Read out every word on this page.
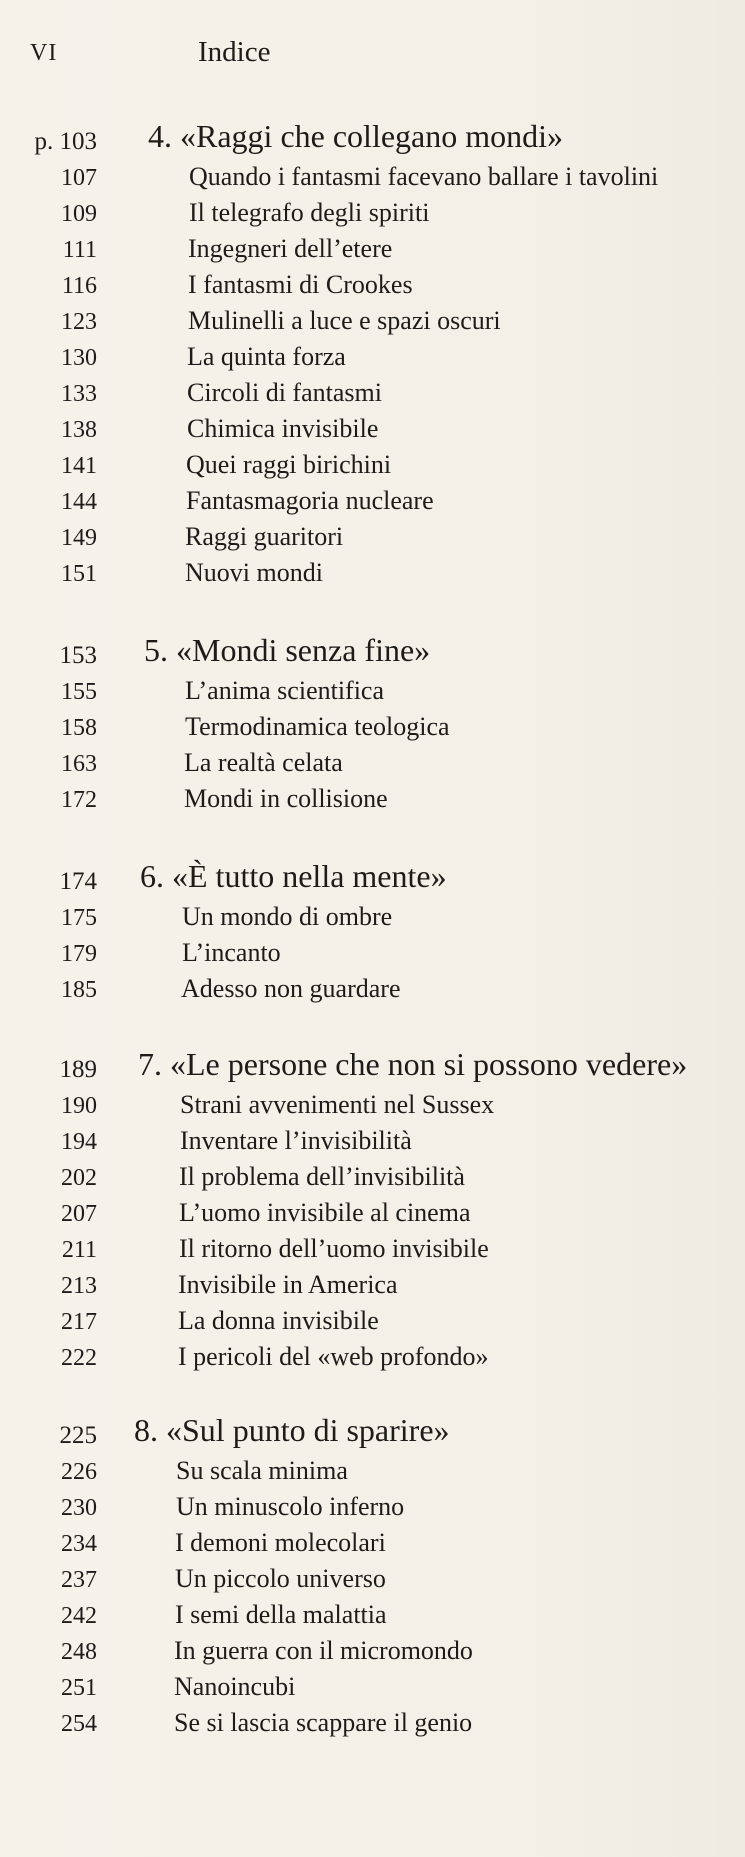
VI	Indice
p. 103 4. «Raggi che collegano mondi»
107	Quando i fantasmi facevano ballare i tavolini
109	Il telegrafo degli spiriti
111	Ingegneri dell’etere
116	I fantasmi di Crookes
123	Mulinelli a luce e spazi oscuri
130	La quinta forza
133	Circoli di fantasmi
138	Chimica invisibile
141	Quei raggi birichini
144	Fantasmagoria nucleare
149	Raggi guaritori
151	Nuovi mondi
153 5. «Mondi senza fine»
155	L’anima scientifica
158	Termodinamica teologica
163	La realtà celata
172	Mondi in collisione
174 6. «È tutto nella mente»
175	Un mondo di ombre
179	L’incanto
185	Adesso non guardare
189 7. «Le persone che non si possono vedere»
190	Strani avvenimenti nel Sussex
194	Inventare l’invisibilità
202	Il problema dell’invisibilità
207	L’uomo invisibile al cinema
211	Il ritorno dell’uomo invisibile
213	Invisibile in America
217	La donna invisibile
222	I pericoli del «web profondo»
225 8. «Sul punto di sparire»
226	Su scala minima
230	Un minuscolo inferno
234	I demoni molecolari
237	Un piccolo universo
242	I semi della malattia
248	In guerra con il micromondo
251	Nanoincubi
254	Se si lascia scappare il genio
